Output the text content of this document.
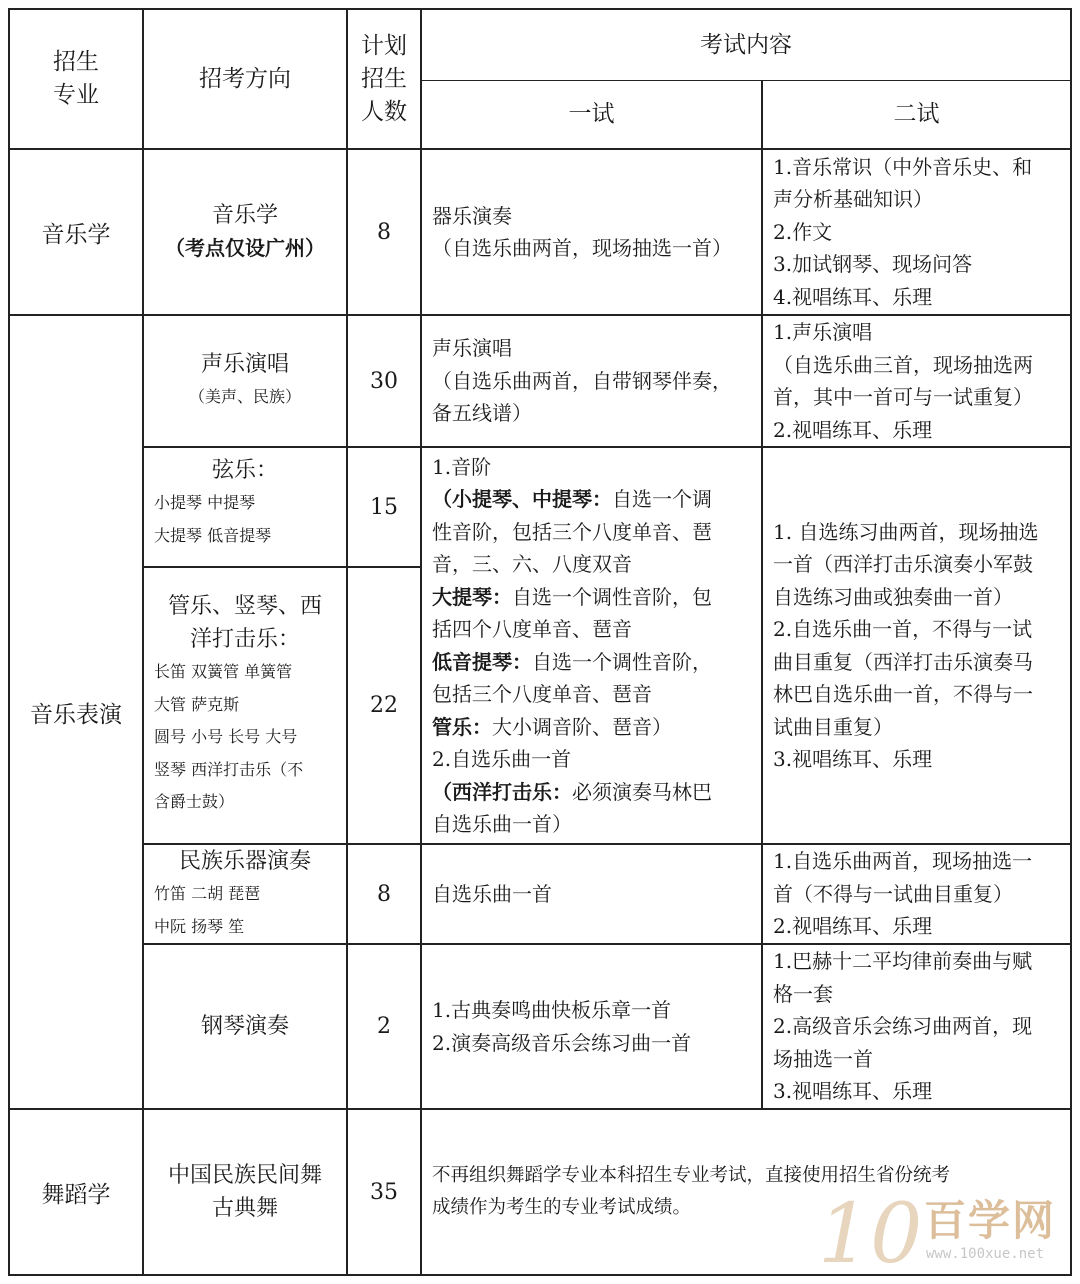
招生
专业
招考方向
计划
招生
人数
考试内容
一试	二试
音乐学
音乐学
（考点仅设广州）
8
器乐演奏
（自选乐曲两首，现场抽选一首）
1.音乐常识（中外音乐史、和
声分析基础知识）
2.作文
3.加试钢琴、现场问答
4.视唱练耳、乐理
音乐表演
声乐演唱
（美声、民族）
30
声乐演唱
（自选乐曲两首，自带钢琴伴奏，
备五线谱）
1.声乐演唱
（自选乐曲三首，现场抽选两
首，其中一首可与一试重复）
2.视唱练耳、乐理
弦乐：
小提琴 中提琴
大提琴 低音提琴
15
管乐、竖琴、西
洋打击乐：
长笛 双簧管 单簧管
大管 萨克斯
圆号 小号 长号 大号
竖琴 西洋打击乐（不
含爵士鼓）
22
1.音阶
（小提琴、中提琴：自选一个调
性音阶，包括三个八度单音、琶
音，三、六、八度双音
大提琴：自选一个调性音阶，包
括四个八度单音、琶音
低音提琴：自选一个调性音阶，
包括三个八度单音、琶音
管乐：大小调音阶、琶音）
2.自选乐曲一首
（西洋打击乐：必须演奏马林巴
自选乐曲一首）
1. 自选练习曲两首，现场抽选
一首（西洋打击乐演奏小军鼓
自选练习曲或独奏曲一首）
2.自选乐曲一首，不得与一试
曲目重复（西洋打击乐演奏马
林巴自选乐曲一首，不得与一
试曲目重复）
3.视唱练耳、乐理
民族乐器演奏
竹笛 二胡 琵琶
中阮 扬琴 笙
8 自选乐曲一首
1.自选乐曲两首，现场抽选一
首（不得与一试曲目重复）
2.视唱练耳、乐理
钢琴演奏	2
1.古典奏鸣曲快板乐章一首
2.演奏高级音乐会练习曲一首
1.巴赫十二平均律前奏曲与赋
格一套
2.高级音乐会练习曲两首，现
场抽选一首
3.视唱练耳、乐理
舞蹈学
中国民族民间舞
古典舞
35
不再组织舞蹈学专业本科招生专业考试，直接使用招生省份统考
成绩作为考生的专业考试成绩。 10 百学网
www.100xue.net
